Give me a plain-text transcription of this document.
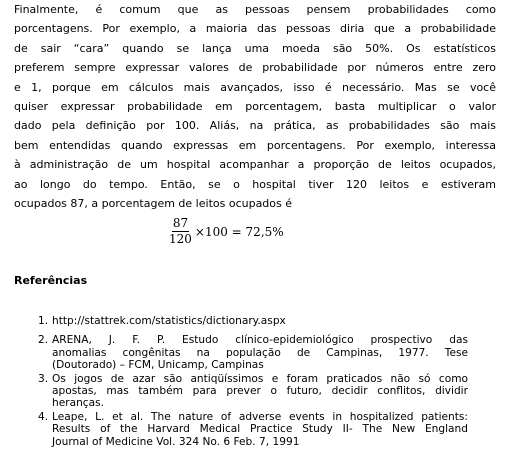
Finalmente, é comum que as pessoas pensem probabilidades como
porcentagens. Por exemplo, a maioria das pessoas diria que a probabilidade
de sair “cara” quando se lança uma moeda são 50%. Os estatísticos
preferem sempre expressar valores de probabilidade por números entre zero
e 1, porque em cálculos mais avançados, isso é necessário. Mas se você
quiser expressar probabilidade em porcentagem, basta multiplicar o valor
dado pela definição por 100. Aliás, na prática, as probabilidades são mais
bem entendidas quando expressas em porcentagens. Por exemplo, interessa
à administração de um hospital acompanhar a proporção de leitos ocupados,
ao longo do tempo. Então, se o hospital tiver 120 leitos e estiveram
ocupados 87, a porcentagem de leitos ocupados é
$\frac{87}{120} \times 100 = 72,5\%$
Referências
1. http://stattrek.com/statistics/dictionary.aspx
2. ARENA, J. F. P. Estudo clínico-epidemiológico prospectivo das
anomalias congênitas na população de Campinas, 1977. Tese
(Doutorado) – FCM, Unicamp, Campinas
3. Os jogos de azar são antiqüíssimos e foram praticados não só como
apostas, mas também para prever o futuro, decidir conflitos, dividir
heranças.
4. Leape, L. et al. The nature of adverse events in hospitalized patients:
Results of the Harvard Medical Practice Study II- The New England
Journal of Medicine Vol. 324 No. 6 Feb. 7, 1991
